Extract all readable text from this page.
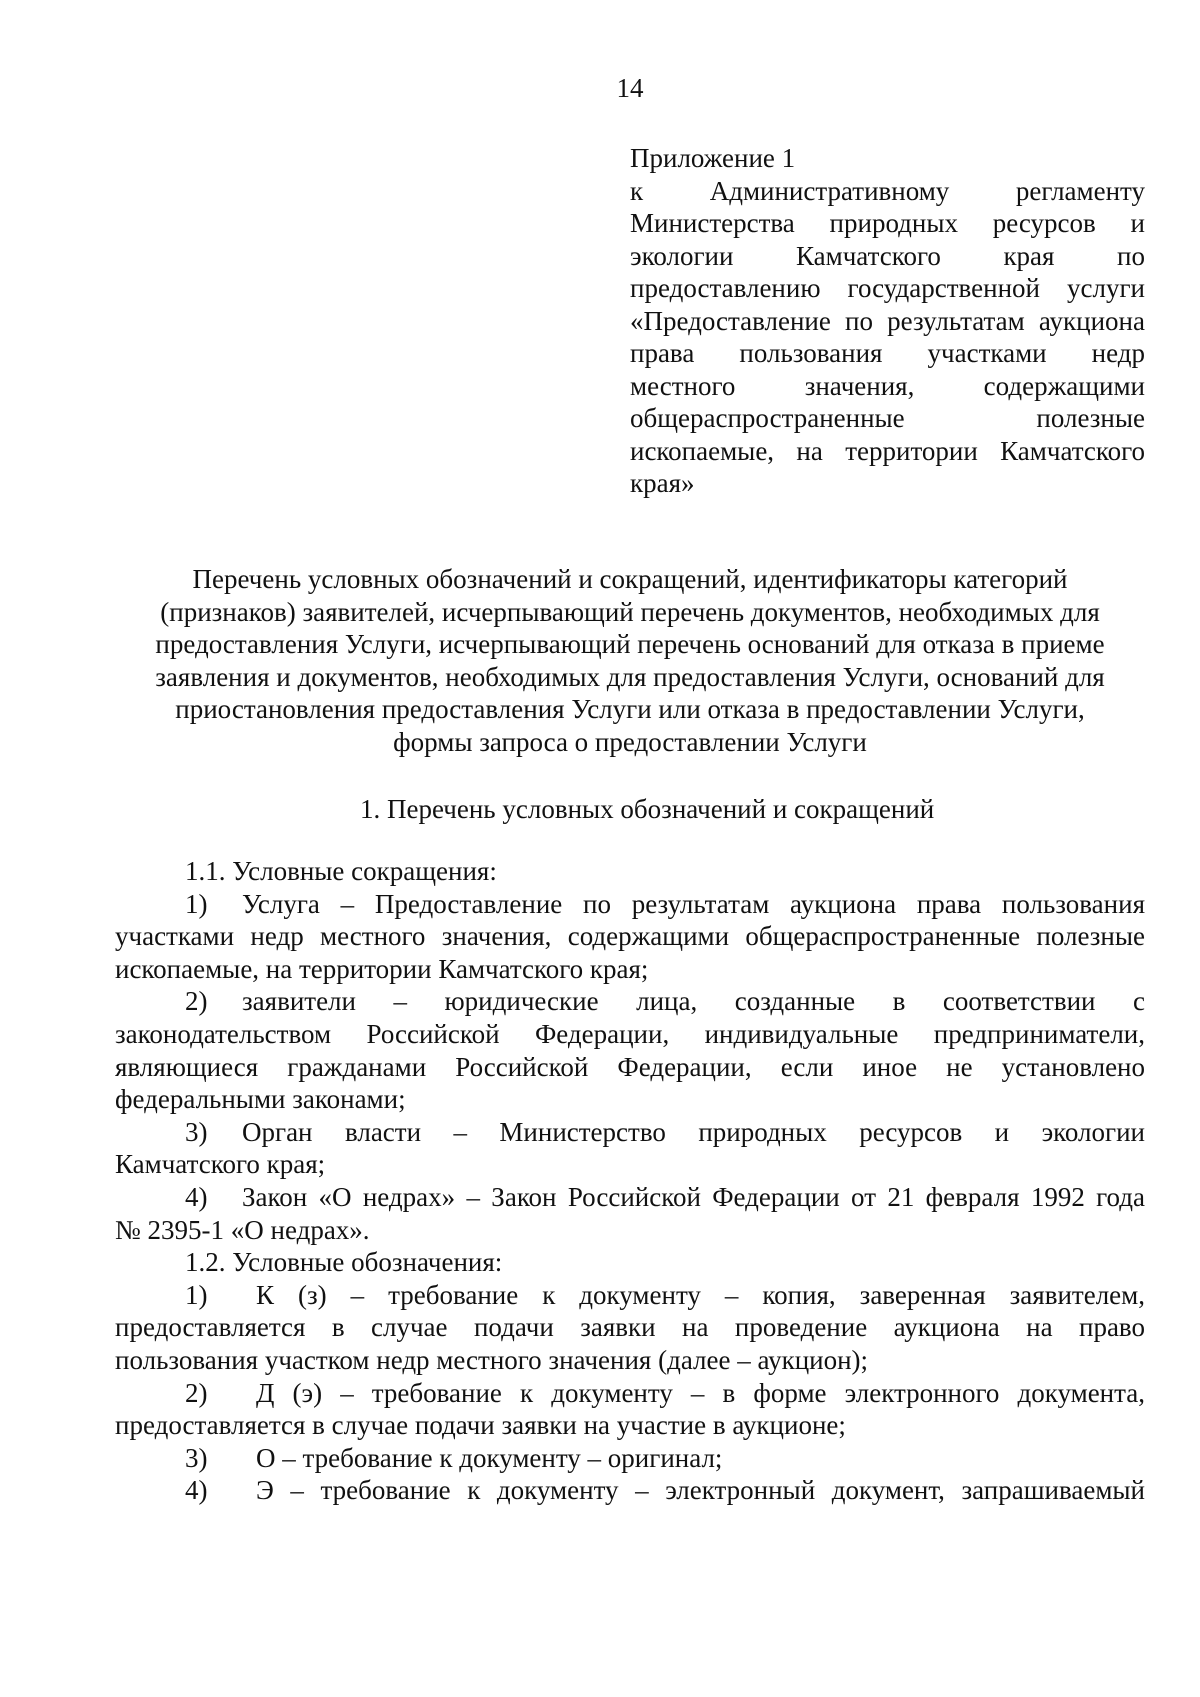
14
Приложение 1
к Административному регламенту
Министерства природных ресурсов и
экологии Камчатского края по
предоставлению государственной услуги
«Предоставление по результатам аукциона
права пользования участками недр
местного значения, содержащими
общераспространенные полезные
ископаемые, на территории Камчатского
края»
Перечень условных обозначений и сокращений, идентификаторы категорий
(признаков) заявителей, исчерпывающий перечень документов, необходимых для
предоставления Услуги, исчерпывающий перечень оснований для отказа в приеме
заявления и документов, необходимых для предоставления Услуги, оснований для
приостановления предоставления Услуги или отказа в предоставлении Услуги,
формы запроса о предоставлении Услуги
1. Перечень условных обозначений и сокращений
1.1. Условные сокращения:
1) Услуга – Предоставление по результатам аукциона права пользования
участками недр местного значения, содержащими общераспространенные полезные
ископаемые, на территории Камчатского края;
2) заявители – юридические лица, созданные в соответствии с
законодательством Российской Федерации, индивидуальные предприниматели,
являющиеся гражданами Российской Федерации, если иное не установлено
федеральными законами;
3) Орган власти – Министерство природных ресурсов и экологии
Камчатского края;
4) Закон «О недрах» – Закон Российской Федерации от 21 февраля 1992 года
№ 2395-1 «О недрах».
1.2. Условные обозначения:
1) К (з) – требование к документу – копия, заверенная заявителем,
предоставляется в случае подачи заявки на проведение аукциона на право
пользования участком недр местного значения (далее – аукцион);
2) Д (э) – требование к документу – в форме электронного документа,
предоставляется в случае подачи заявки на участие в аукционе;
3) О – требование к документу – оригинал;
4) Э – требование к документу – электронный документ, запрашиваемый
